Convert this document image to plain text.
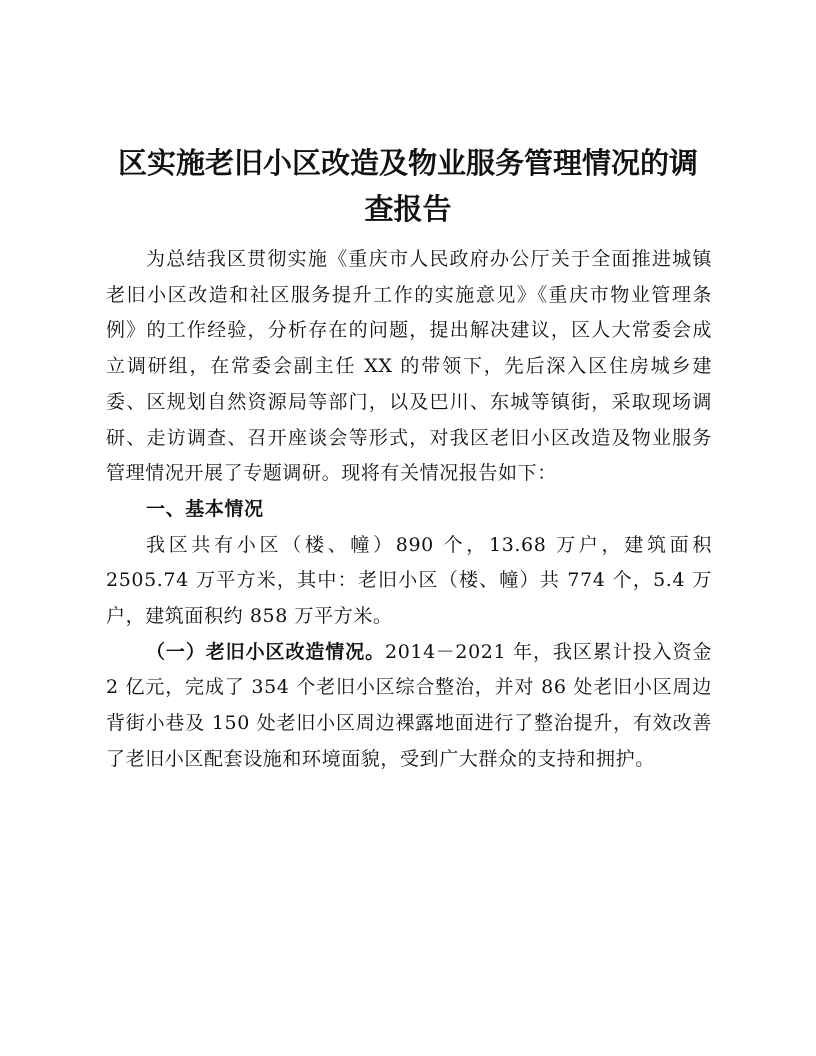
区实施老旧小区改造及物业服务管理情况的调查报告

为总结我区贯彻实施《重庆市人民政府办公厅关于全面推进城镇老旧小区改造和社区服务提升工作的实施意见》《重庆市物业管理条例》的工作经验，分析存在的问题，提出解决建议，区人大常委会成立调研组，在常委会副主任 XX 的带领下，先后深入区住房城乡建委、区规划自然资源局等部门，以及巴川、东城等镇街，采取现场调研、走访调查、召开座谈会等形式，对我区老旧小区改造及物业服务管理情况开展了专题调研。现将有关情况报告如下：

一、基本情况

我区共有小区（楼、幢）890 个，13.68 万户，建筑面积 2505.74 万平方米，其中：老旧小区（楼、幢）共 774 个，5.4 万户，建筑面积约 858 万平方米。

（一）老旧小区改造情况。2014－2021 年，我区累计投入资金 2 亿元，完成了 354 个老旧小区综合整治，并对 86 处老旧小区周边背街小巷及 150 处老旧小区周边裸露地面进行了整治提升，有效改善了老旧小区配套设施和环境面貌，受到广大群众的支持和拥护。
